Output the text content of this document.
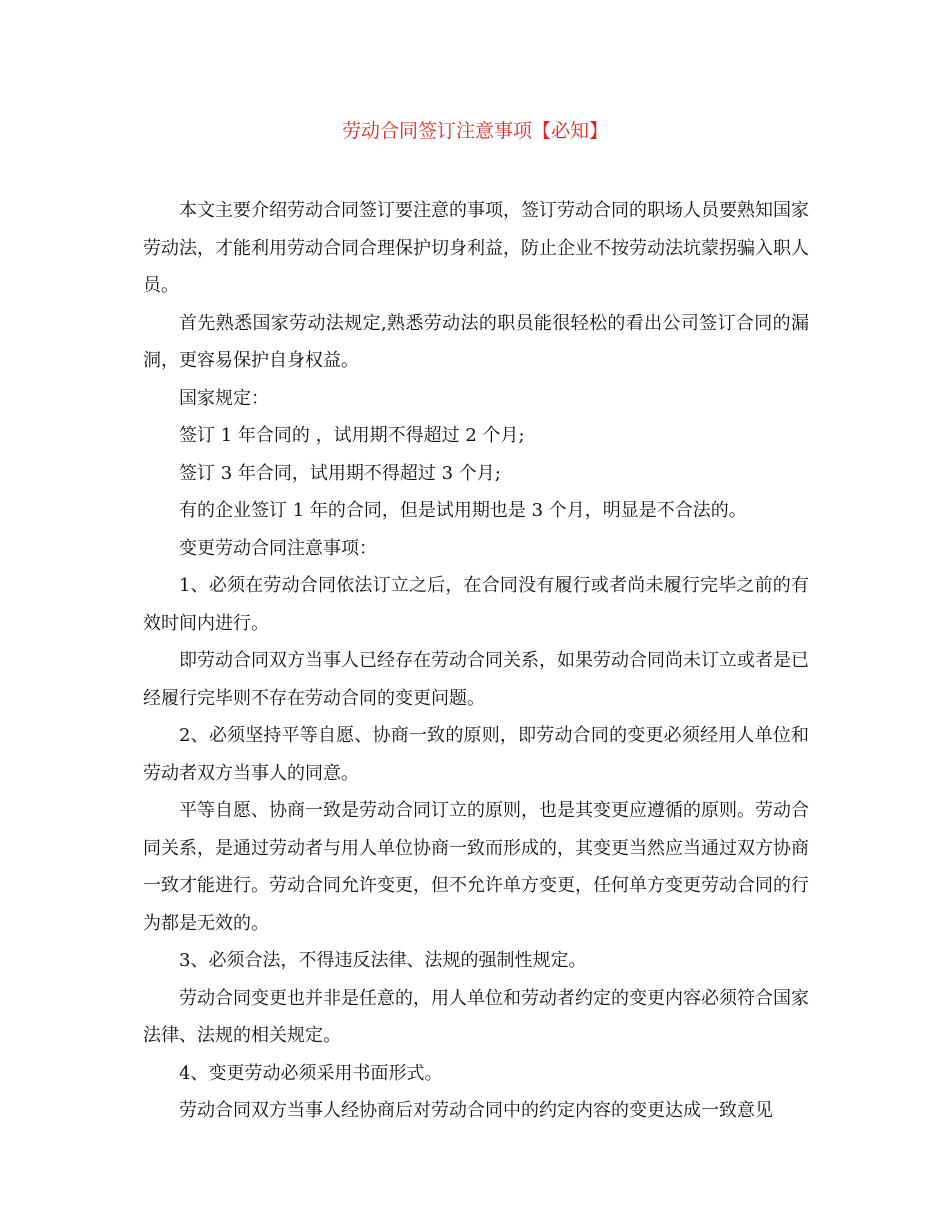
劳动合同签订注意事项【必知】

本文主要介绍劳动合同签订要注意的事项，签订劳动合同的职场人员要熟知国家劳动法，才能利用劳动合同合理保护切身利益，防止企业不按劳动法坑蒙拐骗入职人员。

首先熟悉国家劳动法规定,熟悉劳动法的职员能很轻松的看出公司签订合同的漏洞，更容易保护自身权益。

国家规定：

签订 1 年合同的 ，试用期不得超过 2 个月;

签订 3 年合同，试用期不得超过 3 个月;

有的企业签订 1 年的合同，但是试用期也是 3 个月，明显是不合法的。

变更劳动合同注意事项：

1、必须在劳动合同依法订立之后，在合同没有履行或者尚未履行完毕之前的有效时间内进行。

即劳动合同双方当事人已经存在劳动合同关系，如果劳动合同尚未订立或者是已经履行完毕则不存在劳动合同的变更问题。

2、必须坚持平等自愿、协商一致的原则，即劳动合同的变更必须经用人单位和劳动者双方当事人的同意。

平等自愿、协商一致是劳动合同订立的原则，也是其变更应遵循的原则。劳动合同关系，是通过劳动者与用人单位协商一致而形成的，其变更当然应当通过双方协商一致才能进行。劳动合同允许变更，但不允许单方变更，任何单方变更劳动合同的行为都是无效的。

3、必须合法，不得违反法律、法规的强制性规定。

劳动合同变更也并非是任意的，用人单位和劳动者约定的变更内容必须符合国家法律、法规的相关规定。

4、变更劳动必须采用书面形式。

劳动合同双方当事人经协商后对劳动合同中的约定内容的变更达成一致意见
